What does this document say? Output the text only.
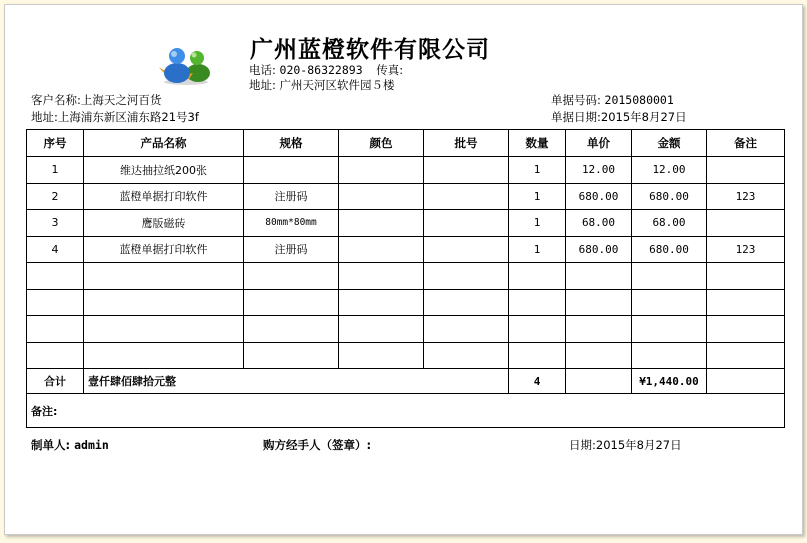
广州蓝橙软件有限公司
电话: 020-86322893 传真:
地址: 广州天河区软件园５楼
客户名称:上海天之河百货
地址:上海浦东新区浦东路21号3f
单据号码: 2015080001
单据日期:2015年8月27日
序号	产品名称	规格	颜色	批号	数量	单价	金额	备注
1	维达抽拉纸200张				1	12.00	12.00	
2	蓝橙单据打印软件	注册码			1	680.00	680.00	123
3	鹰版磁砖	80mm*80mm			1	68.00	68.00	
4	蓝橙单据打印软件	注册码			1	680.00	680.00	123

合计	壹仟肆佰肆拾元整				4		¥1,440.00	
备注:								
制单人: admin	购方经手人（签章）:	日期:2015年8月27日
